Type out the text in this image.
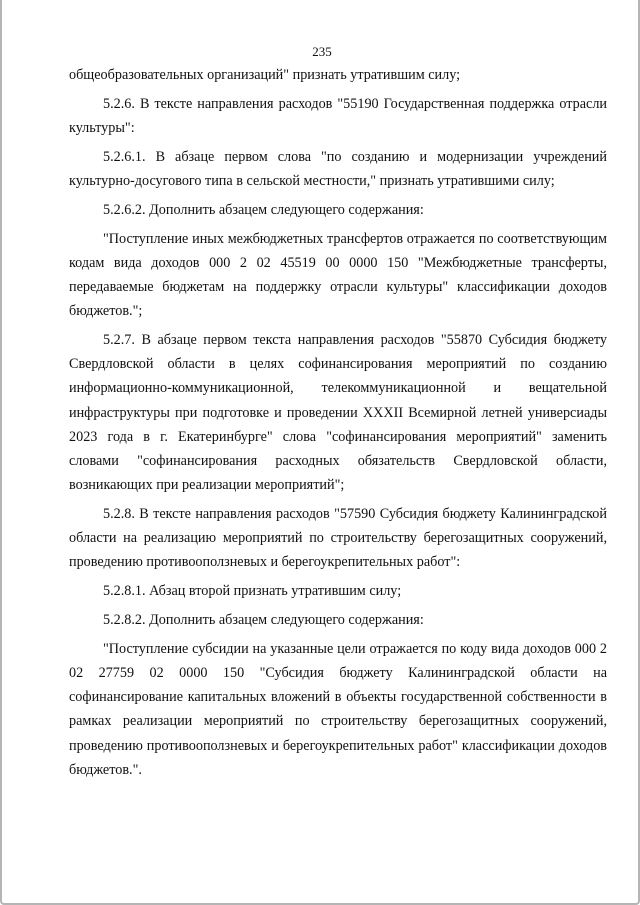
235

общеобразовательных организаций" признать утратившим силу;

5.2.6. В тексте направления расходов "55190 Государственная поддержка отрасли культуры":

5.2.6.1. В абзаце первом слова "по созданию и модернизации учреждений культурно-досугового типа в сельской местности," признать утратившими силу;

5.2.6.2. Дополнить абзацем следующего содержания:

"Поступление иных межбюджетных трансфертов отражается по соответствующим кодам вида доходов 000 2 02 45519 00 0000 150 "Межбюджетные трансферты, передаваемые бюджетам на поддержку отрасли культуры" классификации доходов бюджетов.";

5.2.7. В абзаце первом текста направления расходов "55870 Субсидия бюджету Свердловской области в целях софинансирования мероприятий по созданию информационно-коммуникационной, телекоммуникационной и вещательной инфраструктуры при подготовке и проведении XXXII Всемирной летней универсиады 2023 года в г. Екатеринбурге" слова "софинансирования мероприятий" заменить словами "софинансирования расходных обязательств Свердловской области, возникающих при реализации мероприятий";

5.2.8. В тексте направления расходов "57590 Субсидия бюджету Калининградской области на реализацию мероприятий по строительству берегозащитных сооружений, проведению противооползневых и берегоукрепительных работ":

5.2.8.1. Абзац второй признать утратившим силу;

5.2.8.2. Дополнить абзацем следующего содержания:

"Поступление субсидии на указанные цели отражается по коду вида доходов 000 2 02 27759 02 0000 150 "Субсидия бюджету Калининградской области на софинансирование капитальных вложений в объекты государственной собственности в рамках реализации мероприятий по строительству берегозащитных сооружений, проведению противооползневых и берегоукрепительных работ" классификации доходов бюджетов.".
